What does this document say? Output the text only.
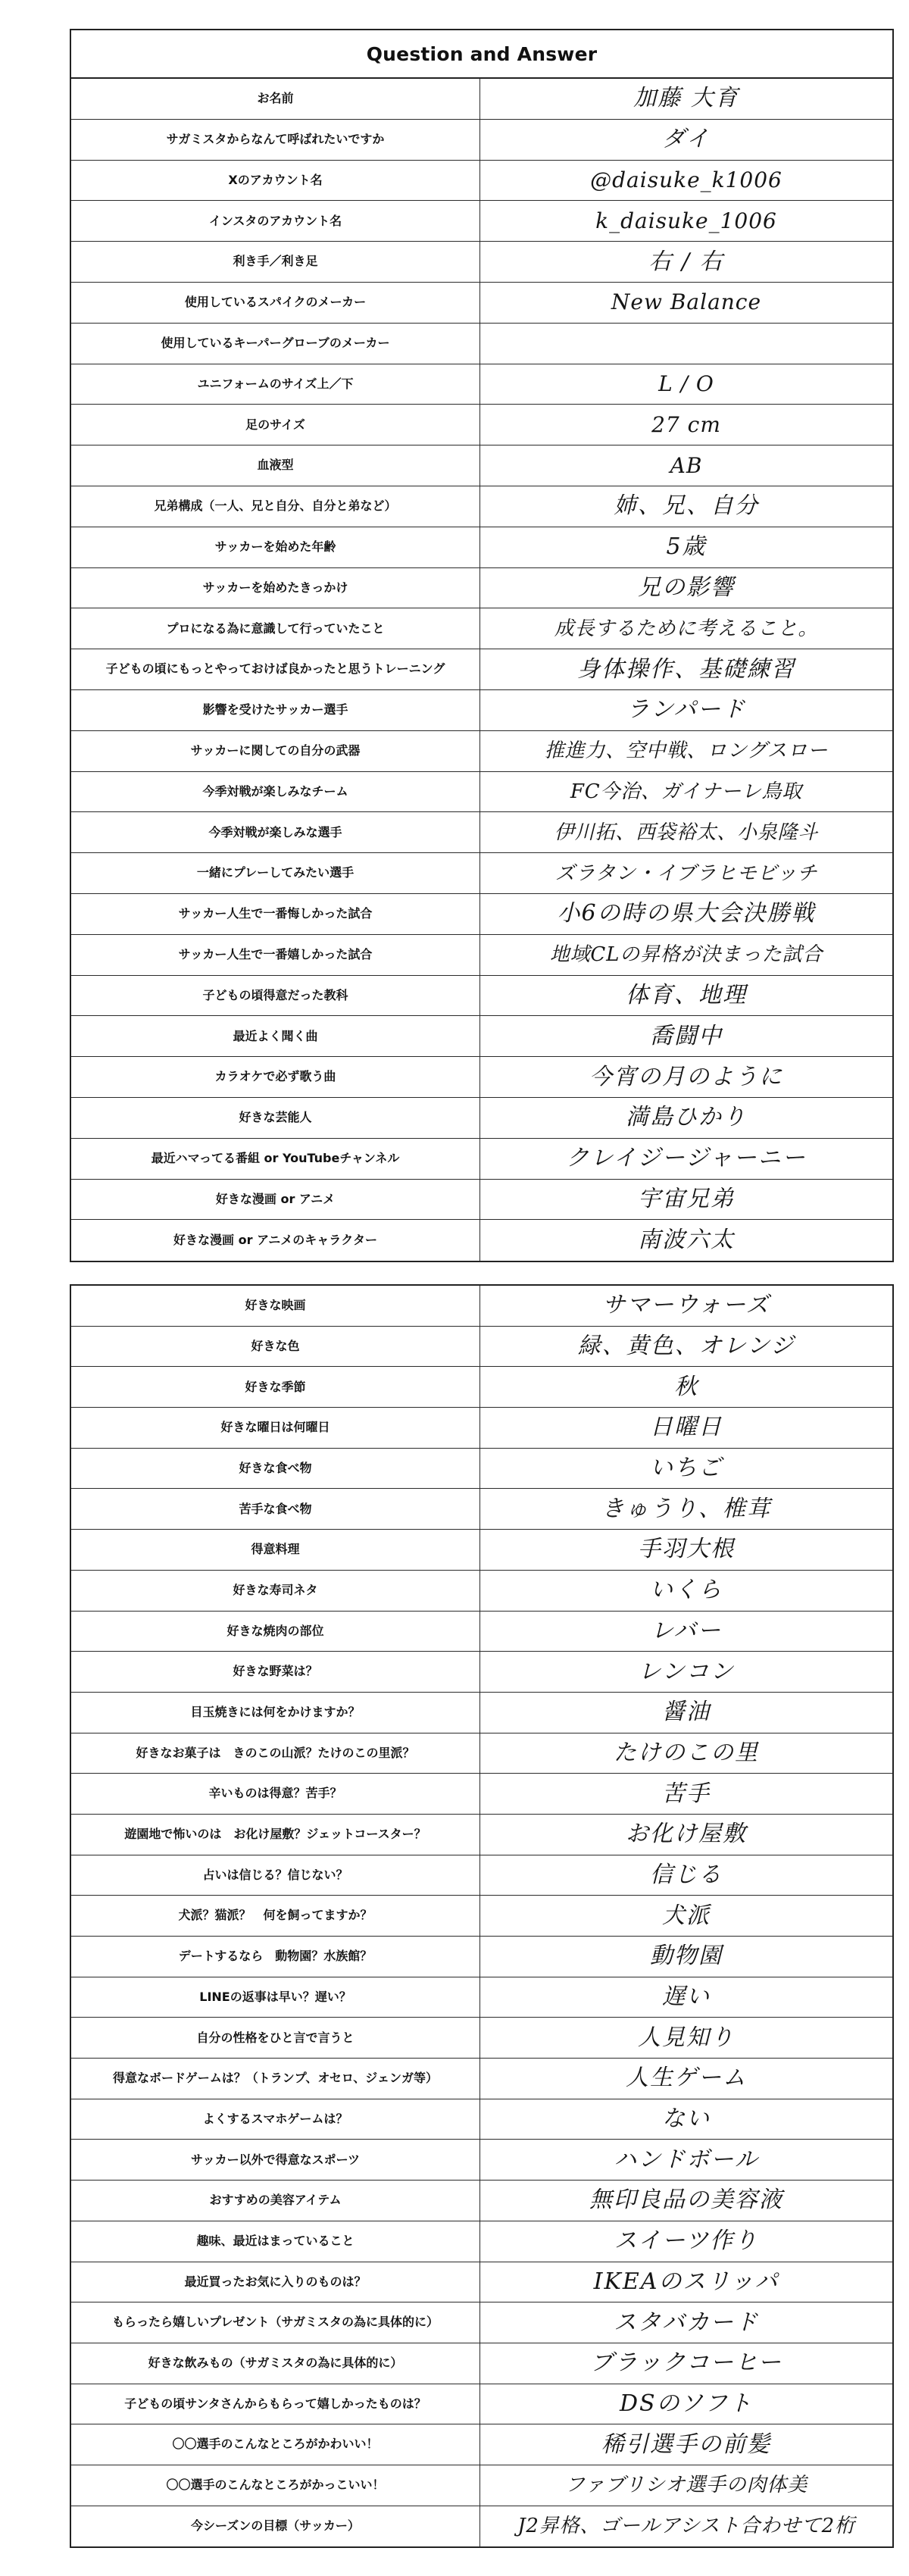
Question and Answer
お名前	加藤 大育
サガミスタからなんて呼ばれたいですか	ダイ
Xのアカウント名	@daisuke_k1006
インスタのアカウント名	k_daisuke_1006
利き手／利き足	右 / 右
使用しているスパイクのメーカー	New Balance
使用しているキーパーグローブのメーカー
ユニフォームのサイズ上／下	L / O
足のサイズ	27 cm
血液型	AB
兄弟構成（一人、兄と自分、自分と弟など）	姉、兄、自分
サッカーを始めた年齢	5歳
サッカーを始めたきっかけ	兄の影響
プロになる為に意識して行っていたこと	成長するために考えること。
子どもの頃にもっとやっておけば良かったと思うトレーニング	身体操作、基礎練習
影響を受けたサッカー選手	ランパード
サッカーに関しての自分の武器	推進力、空中戦、ロングスロー
今季対戦が楽しみなチーム	FC今治、ガイナーレ鳥取
今季対戦が楽しみな選手	伊川拓、西袋裕太、小泉隆斗
一緒にプレーしてみたい選手	ズラタン・イブラヒモビッチ
サッカー人生で一番悔しかった試合	小6の時の県大会決勝戦
サッカー人生で一番嬉しかった試合	地域CLの昇格が決まった試合
子どもの頃得意だった教科	体育、地理
最近よく聞く曲	喬闘中
カラオケで必ず歌う曲	今宵の月のように
好きな芸能人	満島ひかり
最近ハマってる番組 or YouTubeチャンネル	クレイジージャーニー
好きな漫画 or アニメ	宇宙兄弟
好きな漫画 or アニメのキャラクター	南波六太
好きな映画	サマーウォーズ
好きな色	緑、黄色、オレンジ
好きな季節	秋
好きな曜日は何曜日	日曜日
好きな食べ物	いちご
苦手な食べ物	きゅうり、椎茸
得意料理	手羽大根
好きな寿司ネタ	いくら
好きな焼肉の部位	レバー
好きな野菜は？	レンコン
目玉焼きには何をかけますか？	醤油
好きなお菓子は　きのこの山派？たけのこの里派？	たけのこの里
辛いものは得意？苦手？	苦手
遊園地で怖いのは　お化け屋敷？ジェットコースター？	お化け屋敷
占いは信じる？信じない？	信じる
犬派？猫派？　何を飼ってますか？	犬派
デートするなら　動物園？水族館？	動物園
LINEの返事は早い？遅い？	遅い
自分の性格をひと言で言うと	人見知り
得意なボードゲームは？（トランプ、オセロ、ジェンガ等）	人生ゲーム
よくするスマホゲームは？	ない
サッカー以外で得意なスポーツ	ハンドボール
おすすめの美容アイテム	無印良品の美容液
趣味、最近はまっていること	スイーツ作り
最近買ったお気に入りのものは？	IKEAのスリッパ
もらったら嬉しいプレゼント（サガミスタの為に具体的に）	スタバカード
好きな飲みもの（サガミスタの為に具体的に）	ブラックコーヒー
子どもの頃サンタさんからもらって嬉しかったものは？	DSのソフト
〇〇選手のこんなところがかわいい！	稀引選手の前髪
〇〇選手のこんなところがかっこいい！	ファブリシオ選手の肉体美
今シーズンの目標（サッカー）	J2昇格、ゴールアシスト合わせて2桁
